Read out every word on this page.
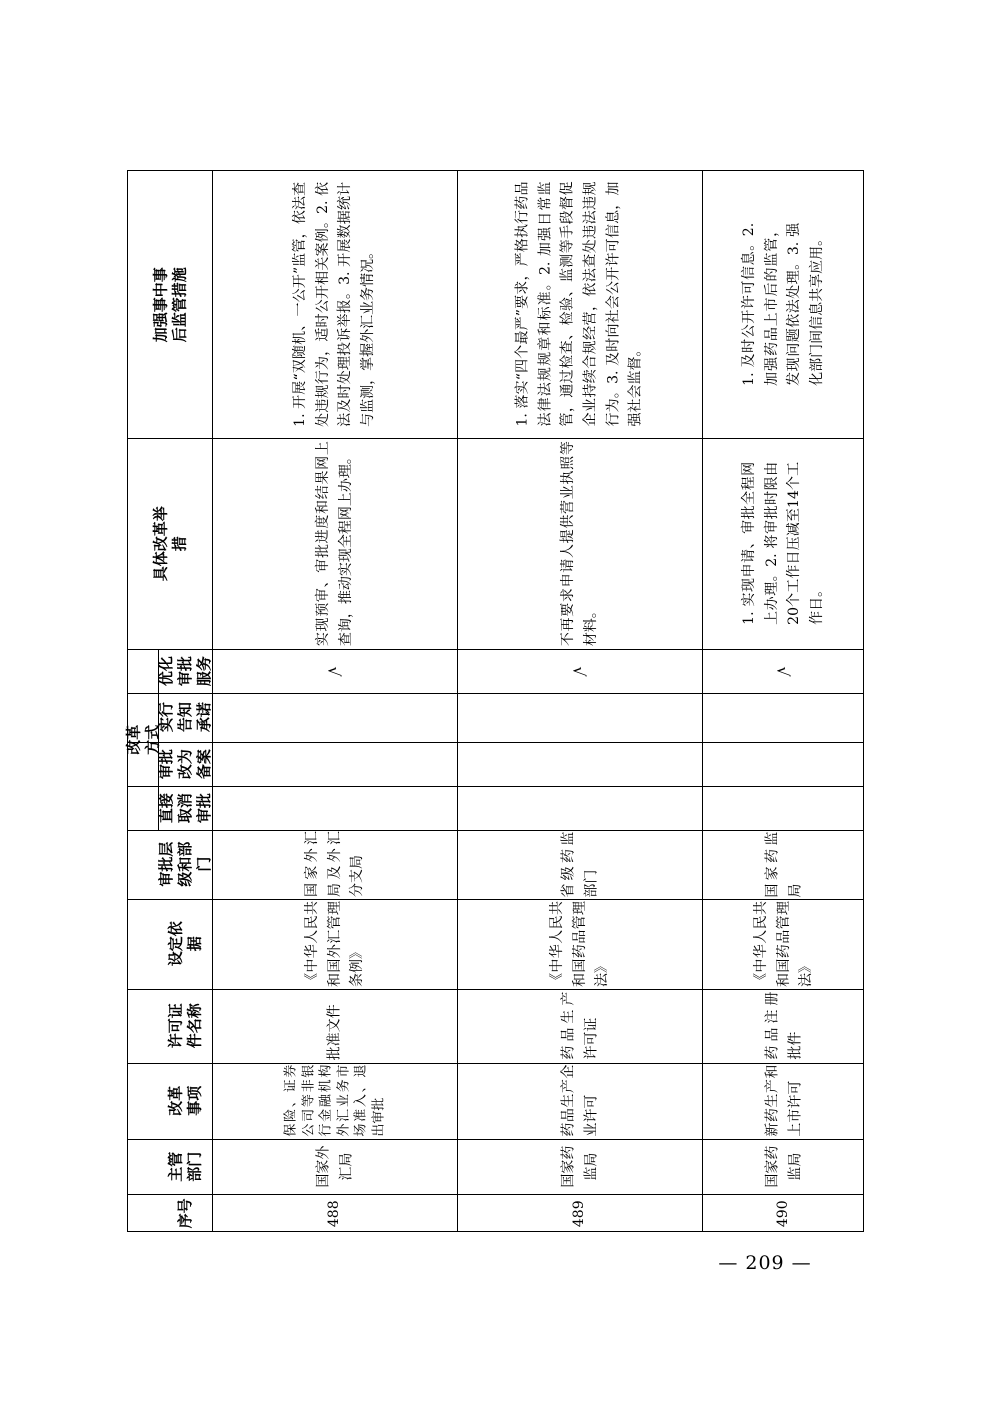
改革方式
序号
主管部门
改革事项
许可证件名称
设定依据
审批层级和部门
直接取消审批
审批改为备案
实行告知承诺
优化审批服务
具体改革举措
加强事中事后监管措施
488
国家外汇局
保险、证券公司等非银行金融机构外汇业务市场准入、退出审批
批准文件
《中华人民共和国外汇管理条例》
国家外汇局及外汇分支局
√
实现预审、审批进度和结果网上查询，推动实现全程网上办理。
1. 开展“双随机、一公开”监管，依法查处违规行为，适时公开相关案例。2. 依法及时处理投诉举报。3. 开展数据统计与监测，掌握外汇业务情况。
489
国家药监局
药品生产企业许可
药品生产许可证
《中华人民共和国药品管理法》
省级药监部门
√
不再要求申请人提供营业执照等材料。
1. 落实“四个最严”要求，严格执行药品法律法规规章和标准。2. 加强日常监管，通过检查、检验、监测等手段督促企业持续合规经营，依法查处违法违规行为。3. 及时向社会公开许可信息，加强社会监督。
490
国家药监局
新药生产和上市许可
药品注册批件
《中华人民共和国药品管理法》
国家药监局
√
1. 实现申请、审批全程网上办理。2. 将审批时限由20个工作日压减至14个工作日。
1. 及时公开许可信息。2. 加强药品上市后的监管，发现问题依法处理。3. 强化部门间信息共享应用。
— 209 —
